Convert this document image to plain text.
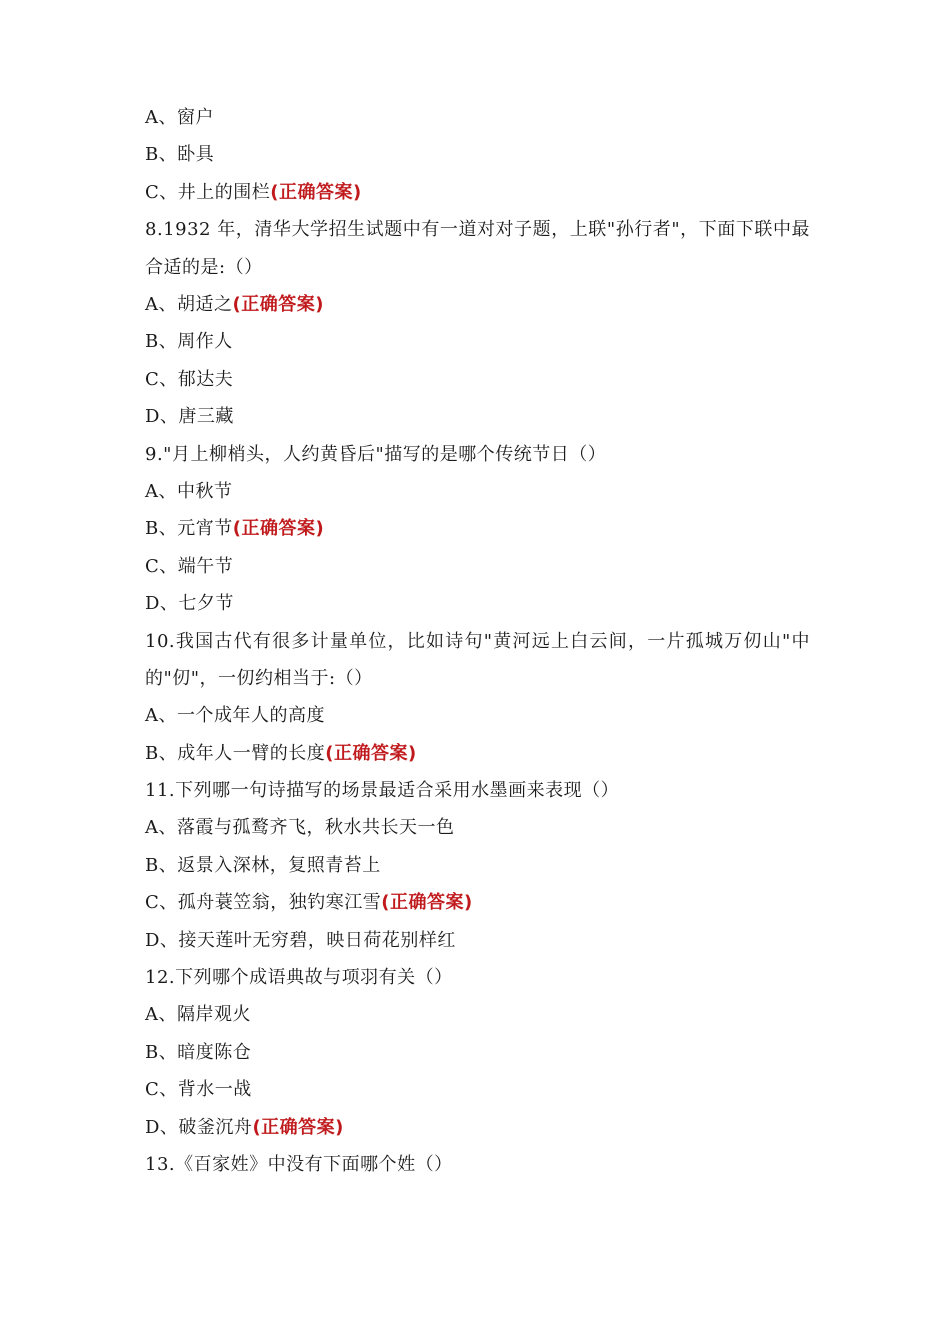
A、窗户
B、卧具
C、井上的围栏(正确答案)
8.1932 年，清华大学招生试题中有一道对对子题，上联"孙行者"，下面下联中最合适的是:（）
A、胡适之(正确答案)
B、周作人
C、郁达夫
D、唐三藏
9."月上柳梢头，人约黄昏后"描写的是哪个传统节日（）
A、中秋节
B、元宵节(正确答案)
C、端午节
D、七夕节
10.我国古代有很多计量单位，比如诗句"黄河远上白云间，一片孤城万仞山"中的"仞"，一仞约相当于:（）
A、一个成年人的高度
B、成年人一臂的长度(正确答案)
11.下列哪一句诗描写的场景最适合采用水墨画来表现（）
A、落霞与孤鹜齐飞，秋水共长天一色
B、返景入深林，复照青苔上
C、孤舟蓑笠翁，独钓寒江雪(正确答案)
D、接天莲叶无穷碧，映日荷花别样红
12.下列哪个成语典故与项羽有关（）
A、隔岸观火
B、暗度陈仓
C、背水一战
D、破釜沉舟(正确答案)
13.《百家姓》中没有下面哪个姓（）
